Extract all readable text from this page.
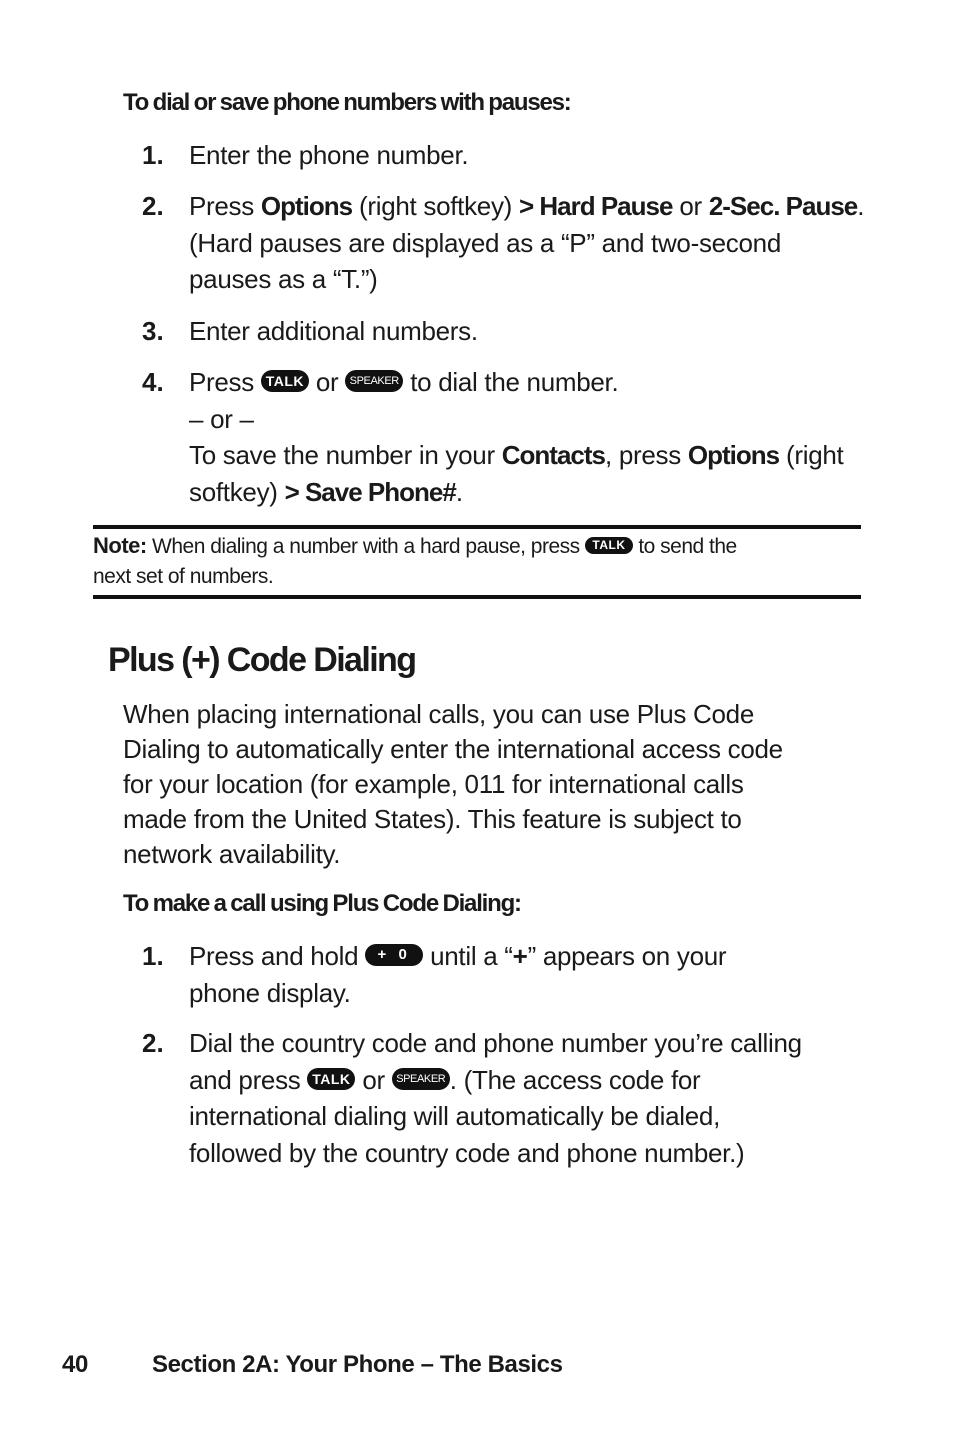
To dial or save phone numbers with pauses:
1. Enter the phone number.
2. Press Options (right softkey) > Hard Pause or 2-Sec. Pause.
(Hard pauses are displayed as a “P” and two-second
pauses as a “T.”)
3. Enter additional numbers.
4. Press TALK or SPEAKER to dial the number.
– or –
To save the number in your Contacts, press Options (right
softkey) > Save Phone#.
Note: When dialing a number with a hard pause, press TALK to send the
next set of numbers.
Plus (+) Code Dialing
When placing international calls, you can use Plus Code
Dialing to automatically enter the international access code
for your location (for example, 011 for international calls
made from the United States). This feature is subject to
network availability.
To make a call using Plus Code Dialing:
1. Press and hold + 0 until a “+” appears on your
phone display.
2. Dial the country code and phone number you’re calling
and press TALK or SPEAKER . (The access code for
international dialing will automatically be dialed,
followed by the country code and phone number.)
40	Section 2A: Your Phone – The Basics
